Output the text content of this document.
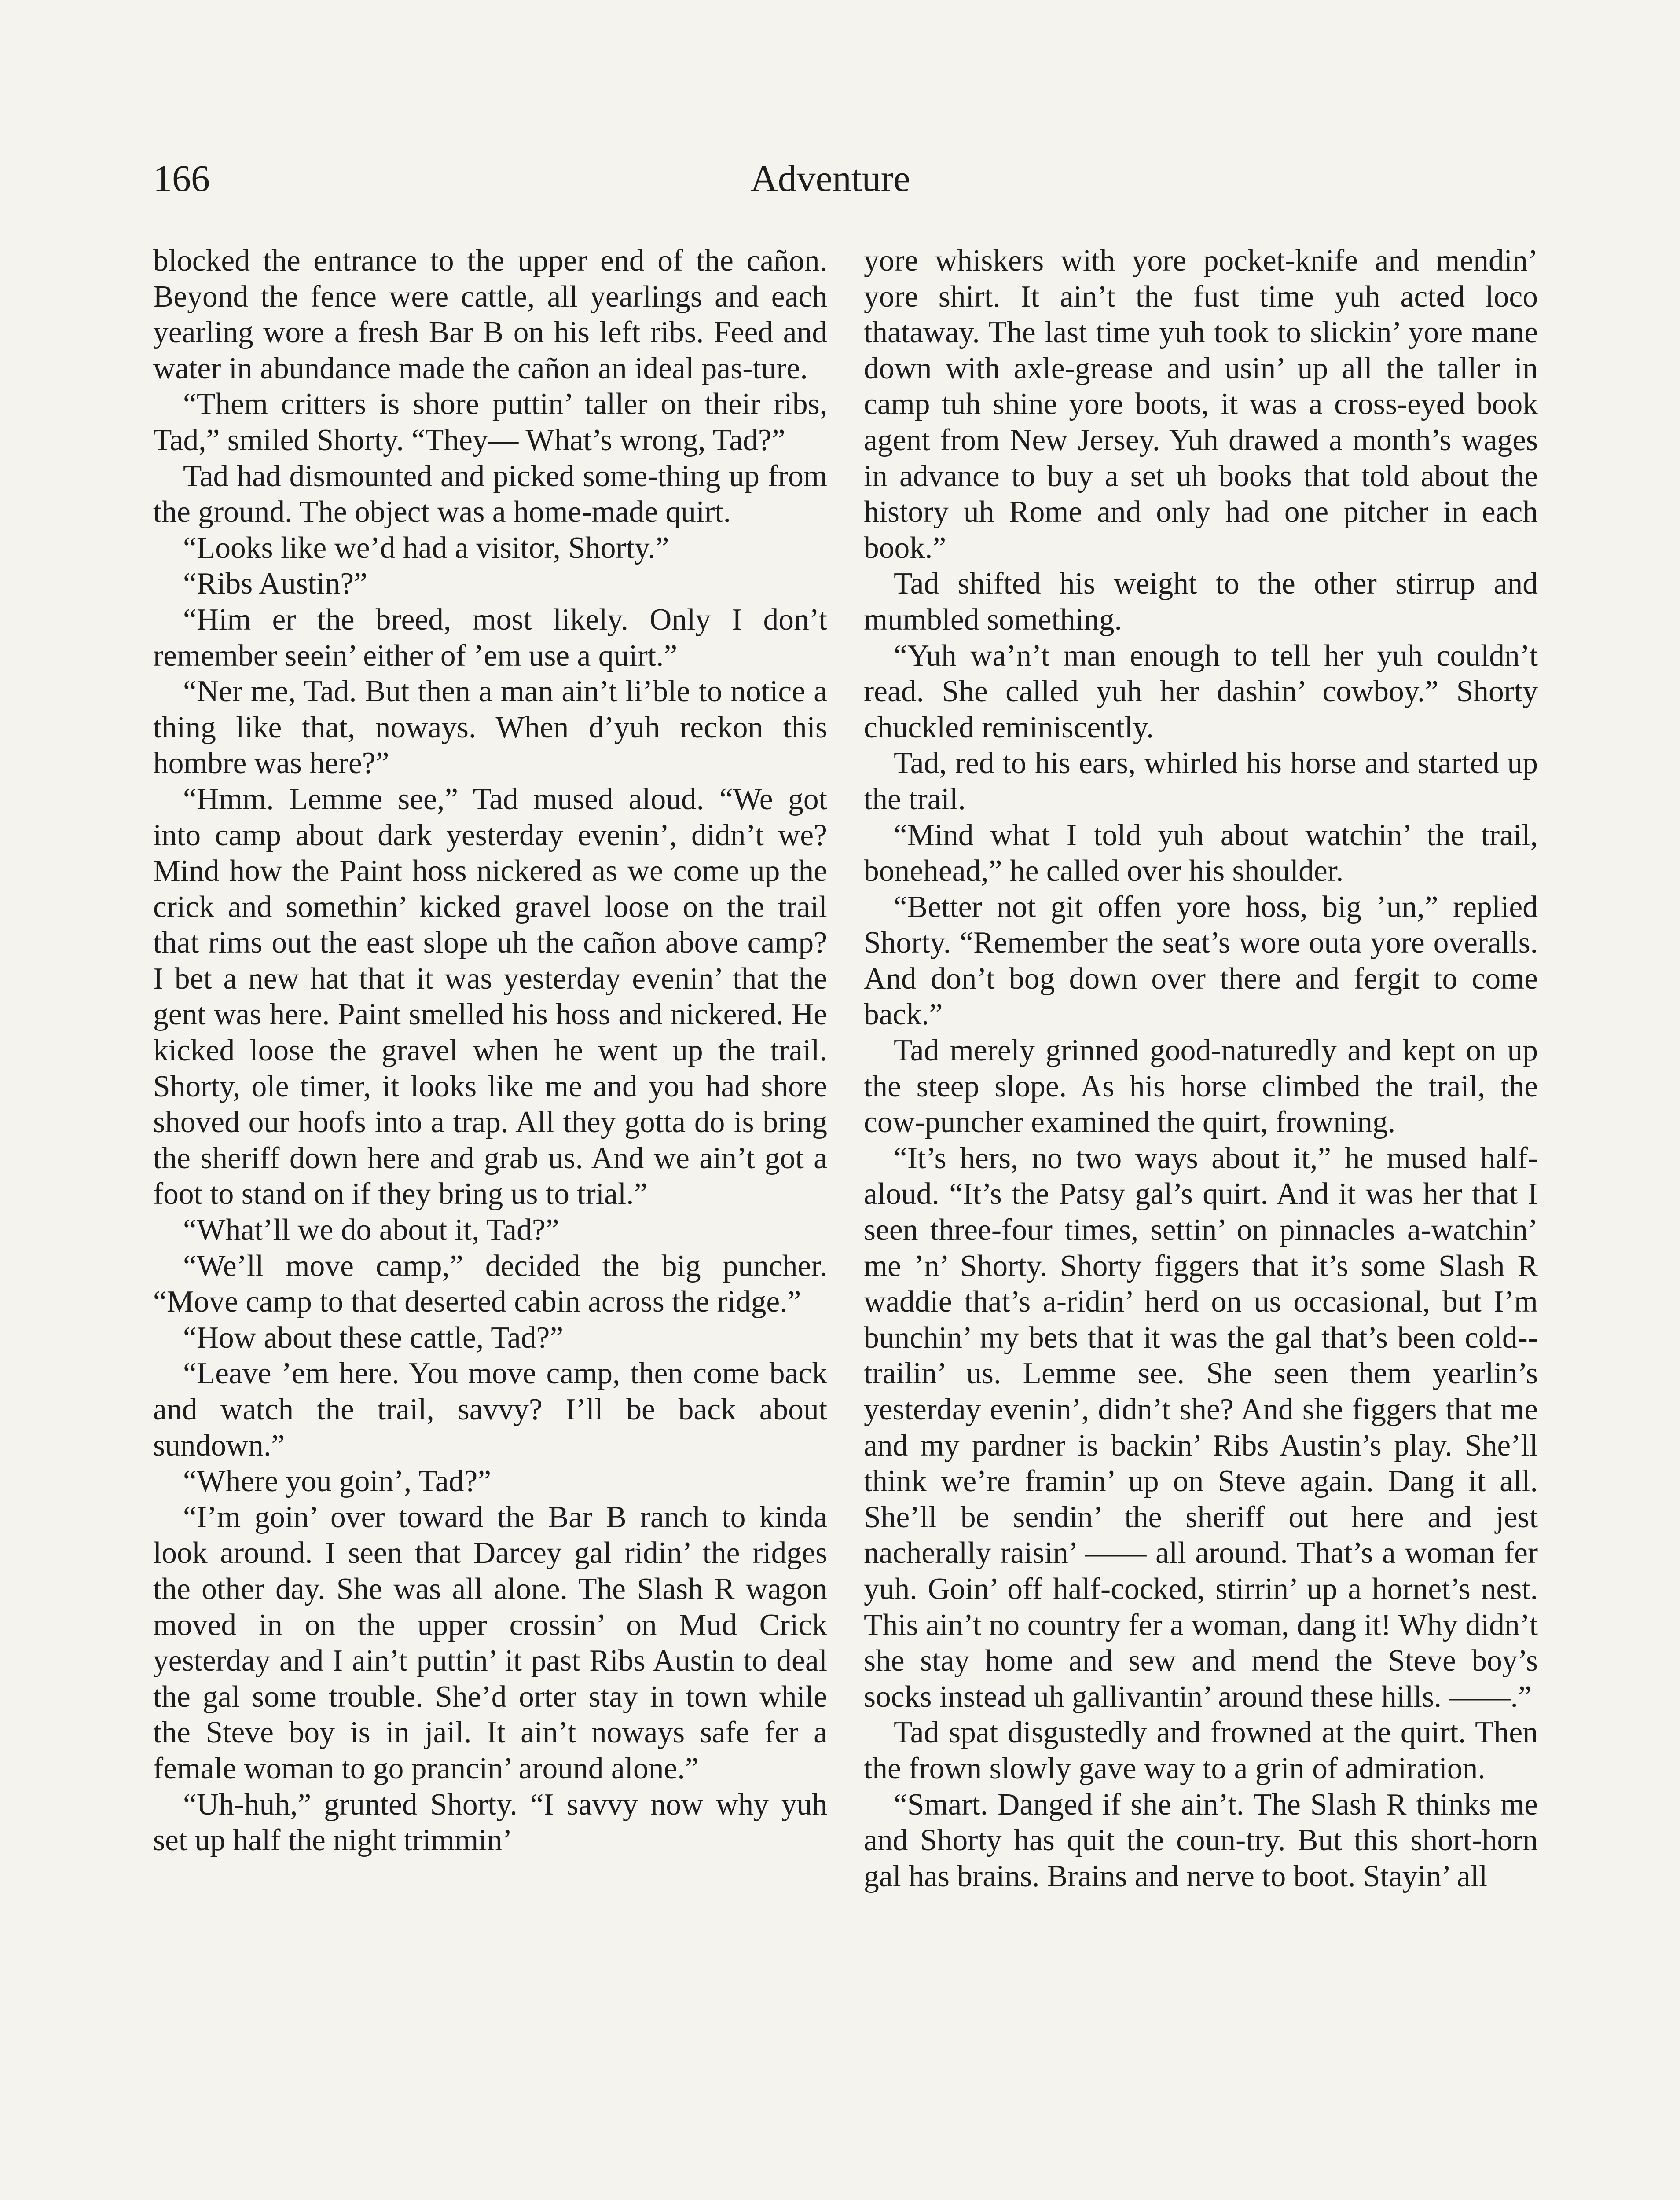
166	Adventure

blocked the entrance to the upper end of the cañon. Beyond the fence were cattle, all yearlings and each yearling wore a fresh Bar B on his left ribs. Feed and water in abundance made the cañon an ideal pas-ture.

“Them critters is shore puttin’ taller on their ribs, Tad,” smiled Shorty. “They— What’s wrong, Tad?”

Tad had dismounted and picked some-thing up from the ground. The object was a home-made quirt.

“Looks like we’d had a visitor, Shorty.”

“Ribs Austin?”

“Him er the breed, most likely. Only I don’t remember seein’ either of ’em use a quirt.”

“Ner me, Tad. But then a man ain’t li’ble to notice a thing like that, noways. When d’yuh reckon this hombre was here?”

“Hmm. Lemme see,” Tad mused aloud. “We got into camp about dark yesterday evenin’, didn’t we? Mind how the Paint hoss nickered as we come up the crick and somethin’ kicked gravel loose on the trail that rims out the east slope uh the cañon above camp? I bet a new hat that it was yesterday evenin’ that the gent was here. Paint smelled his hoss and nickered. He kicked loose the gravel when he went up the trail. Shorty, ole timer, it looks like me and you had shore shoved our hoofs into a trap. All they gotta do is bring the sheriff down here and grab us. And we ain’t got a foot to stand on if they bring us to trial.”

“What’ll we do about it, Tad?”

“We’ll move camp,” decided the big puncher. “Move camp to that deserted cabin across the ridge.”

“How about these cattle, Tad?”

“Leave ’em here. You move camp, then come back and watch the trail, savvy? I’ll be back about sundown.”

“Where you goin’, Tad?”

“I’m goin’ over toward the Bar B ranch to kinda look around. I seen that Darcey gal ridin’ the ridges the other day. She was all alone. The Slash R wagon moved in on the upper crossin’ on Mud Crick yesterday and I ain’t puttin’ it past Ribs Austin to deal the gal some trouble. She’d orter stay in town while the Steve boy is in jail. It ain’t noways safe fer a female woman to go prancin’ around alone.”

“Uh-huh,” grunted Shorty. “I savvy now why yuh set up half the night trimmin’

yore whiskers with yore pocket-knife and mendin’ yore shirt. It ain’t the fust time yuh acted loco thataway. The last time yuh took to slickin’ yore mane down with axle-grease and usin’ up all the taller in camp tuh shine yore boots, it was a cross-eyed book agent from New Jersey. Yuh drawed a month’s wages in advance to buy a set uh books that told about the history uh Rome and only had one pitcher in each book.”

Tad shifted his weight to the other stirrup and mumbled something.

“Yuh wa’n’t man enough to tell her yuh couldn’t read. She called yuh her dashin’ cowboy.” Shorty chuckled reminiscently.

Tad, red to his ears, whirled his horse and started up the trail.

“Mind what I told yuh about watchin’ the trail, bonehead,” he called over his shoulder.

“Better not git offen yore hoss, big ’un,” replied Shorty. “Remember the seat’s wore outa yore overalls. And don’t bog down over there and fergit to come back.”

Tad merely grinned good-naturedly and kept on up the steep slope. As his horse climbed the trail, the cow-puncher examined the quirt, frowning.

“It’s hers, no two ways about it,” he mused half-aloud. “It’s the Patsy gal’s quirt. And it was her that I seen three-four times, settin’ on pinnacles a-watchin’ me ’n’ Shorty. Shorty figgers that it’s some Slash R waddie that’s a-ridin’ herd on us occasional, but I’m bunchin’ my bets that it was the gal that’s been cold-trailin’ us. Lemme see. She seen them yearlin’s yesterday evenin’, didn’t she? And she figgers that me and my pardner is backin’ Ribs Austin’s play. She’ll think we’re framin’ up on Steve again. Dang it all. She’ll be sendin’ the sheriff out here and jest nacherally raisin’ —— all around. That’s a woman fer yuh. Goin’ off half-cocked, stirrin’ up a hornet’s nest. This ain’t no country fer a woman, dang it! Why didn’t she stay home and sew and mend the Steve boy’s socks instead uh gallivantin’ around these hills. ——.”

Tad spat disgustedly and frowned at the quirt. Then the frown slowly gave way to a grin of admiration.

“Smart. Danged if she ain’t. The Slash R thinks me and Shorty has quit the coun-try. But this short-horn gal has brains. Brains and nerve to boot. Stayin’ all
